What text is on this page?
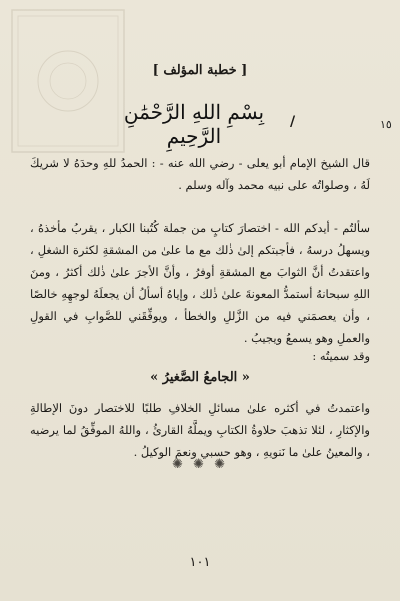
[ خطبة المؤلف ]
بِسْمِ اللهِ الرَّحْمَٰنِ الرَّحِيمِ
/	١٥
قال الشيخ الإمام أبو يعلى - رضي الله عنه - : الحمدُ للهِ وحدَهُ لا شريكَ لَهُ ، وصلواتُه على نبيه محمد وآله وسلم .
سألتُم - أيدكم الله - اختصارَ كتابٍ من جملة كُتُبنا الكبار ، يقربُ مأخذهُ ، ويسهلُ درسهُ ، فأجبتكم إلىٰ ذٰلك مع ما علىٰ من المشقةِ لكثرة الشغلِ ، واعتقدتُ أنَّ الثوابَ مع المشقةِ أوفرُ ، وأنَّ الأجرَ علىٰ ذٰلك أكثرُ ، ومنَ اللهِ سبحانهُ أستمدُّ المعونةَ علىٰ ذٰلك ، وإياهُ أسألُ أن يجعلَهُ لوجهِهِ خالصًا ، وأن يعصمَني فيه من الزَّللِ والخطأ ، ويوفِّقَني للصَّوابِ في القولِ والعملِ وهو يسمعُ ويجيبُ .
وقد سميتُه :
« الجامعُ الصَّغيرُ »
واعتمدتُ في أكثره علىٰ مسائلِ الخلافِ طلبًا للاختصار دونَ الإطالةِ والإكثارِ ، لئلا تذهبَ حلاوةُ الكتابِ ويملَّهُ القارئُ ، واللهُ الموفِّقُ لما يرضيه ، والمعينُ علىٰ ما نَنويهِ ، وهو حسبي ونعمَ الوكيلُ .
✺ ✺ ✺
١٠١
